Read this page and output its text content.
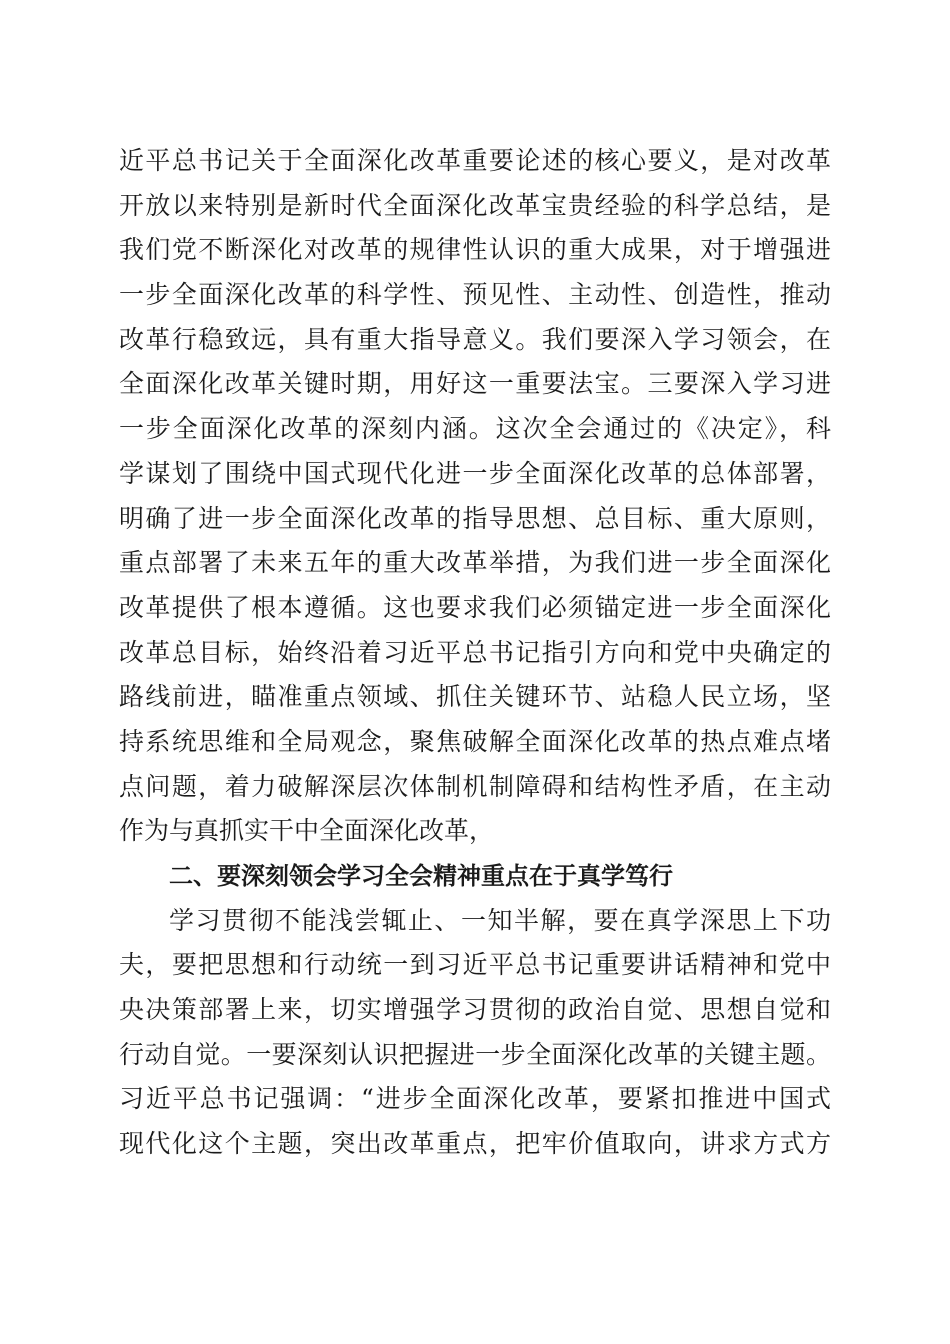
近平总书记关于全面深化改革重要论述的核心要义，是对改革
开放以来特别是新时代全面深化改革宝贵经验的科学总结，是
我们党不断深化对改革的规律性认识的重大成果，对于增强进
一步全面深化改革的科学性、预见性、主动性、创造性，推动
改革行稳致远，具有重大指导意义。我们要深入学习领会，在
全面深化改革关键时期，用好这一重要法宝。三要深入学习进
一步全面深化改革的深刻内涵。这次全会通过的《决定》，科
学谋划了围绕中国式现代化进一步全面深化改革的总体部署，
明确了进一步全面深化改革的指导思想、总目标、重大原则，
重点部署了未来五年的重大改革举措，为我们进一步全面深化
改革提供了根本遵循。这也要求我们必须锚定进一步全面深化
改革总目标，始终沿着习近平总书记指引方向和党中央确定的
路线前进，瞄准重点领域、抓住关键环节、站稳人民立场，坚
持系统思维和全局观念，聚焦破解全面深化改革的热点难点堵
点问题，着力破解深层次体制机制障碍和结构性矛盾，在主动
作为与真抓实干中全面深化改革，
二、要深刻领会学习全会精神重点在于真学笃行
学习贯彻不能浅尝辄止、一知半解，要在真学深思上下功
夫，要把思想和行动统一到习近平总书记重要讲话精神和党中
央决策部署上来，切实增强学习贯彻的政治自觉、思想自觉和
行动自觉。一要深刻认识把握进一步全面深化改革的关键主题。
习近平总书记强调：“进步全面深化改革，要紧扣推进中国式
现代化这个主题，突出改革重点，把牢价值取向，讲求方式方
